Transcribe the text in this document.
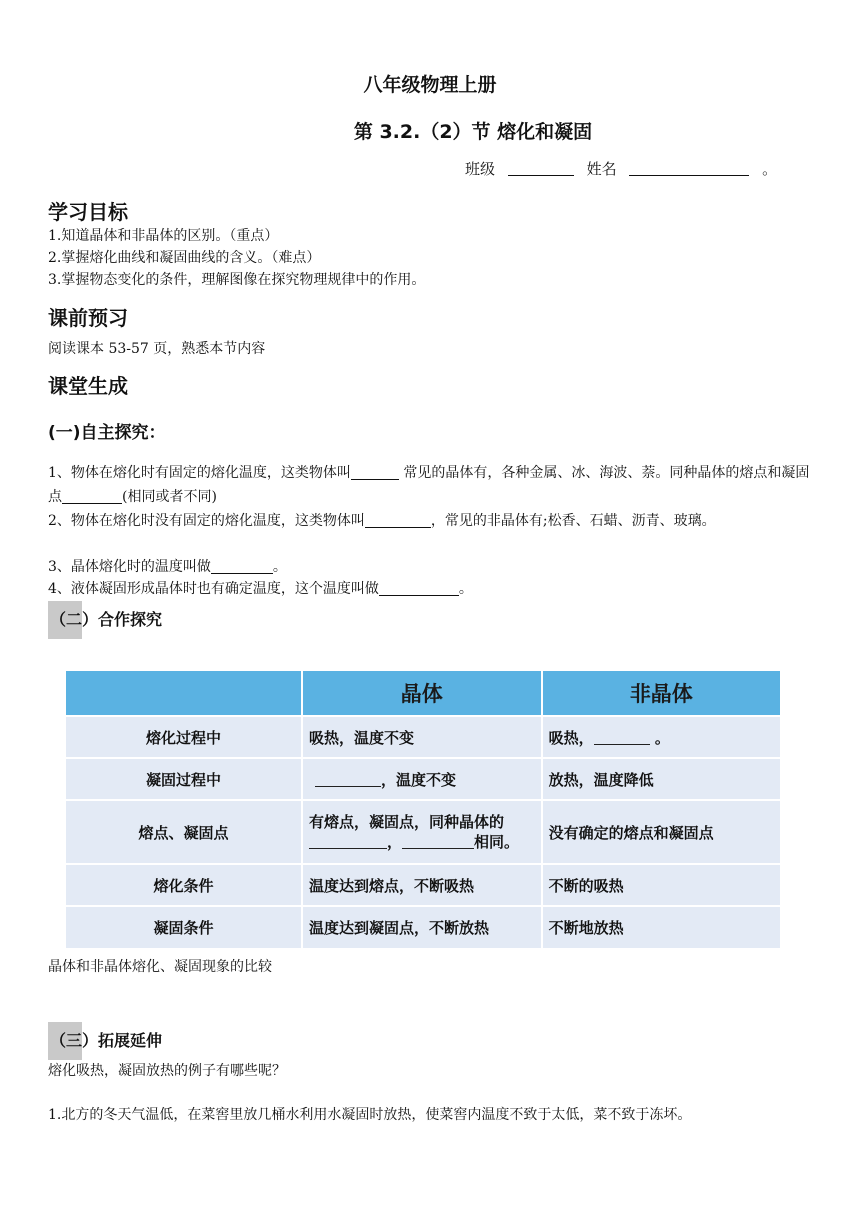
八年级物理上册
第 3.2.（2）节 熔化和凝固
班级	姓名	。
学习目标
1.知道晶体和非晶体的区别。（重点）
2.掌握熔化曲线和凝固曲线的含义。（难点）
3.掌握物态变化的条件，理解图像在探究物理规律中的作用。
课前预习
阅读课本 53-57 页，熟悉本节内容
课堂生成
(一)自主探究：
1、物体在熔化时有固定的熔化温度，这类物体叫	常见的晶体有，各种金属、冰、海波、萘。同种晶体的熔点和凝固点	(相同或者不同)
2、物体在熔化时没有固定的熔化温度，这类物体叫	，常见的非晶体有;松香、石蜡、沥青、玻璃。
3、晶体熔化时的温度叫做	。
4、液体凝固形成晶体时也有确定温度，这个温度叫做	。
（二）合作探究
	晶体	非晶体
熔化过程中	吸热，温度不变	吸热， 。
凝固过程中	，温度不变	放热，温度降低
熔点、凝固点	有熔点，凝固点，同种晶体的， 相同。	没有确定的熔点和凝固点
熔化条件	温度达到熔点，不断吸热	不断的吸热
凝固条件	温度达到凝固点，不断放热	不断地放热
晶体和非晶体熔化、凝固现象的比较
（三）拓展延伸
熔化吸热，凝固放热的例子有哪些呢？
1.北方的冬天气温低，在菜窖里放几桶水利用水凝固时放热，使菜窖内温度不致于太低，菜不致于冻坏。
